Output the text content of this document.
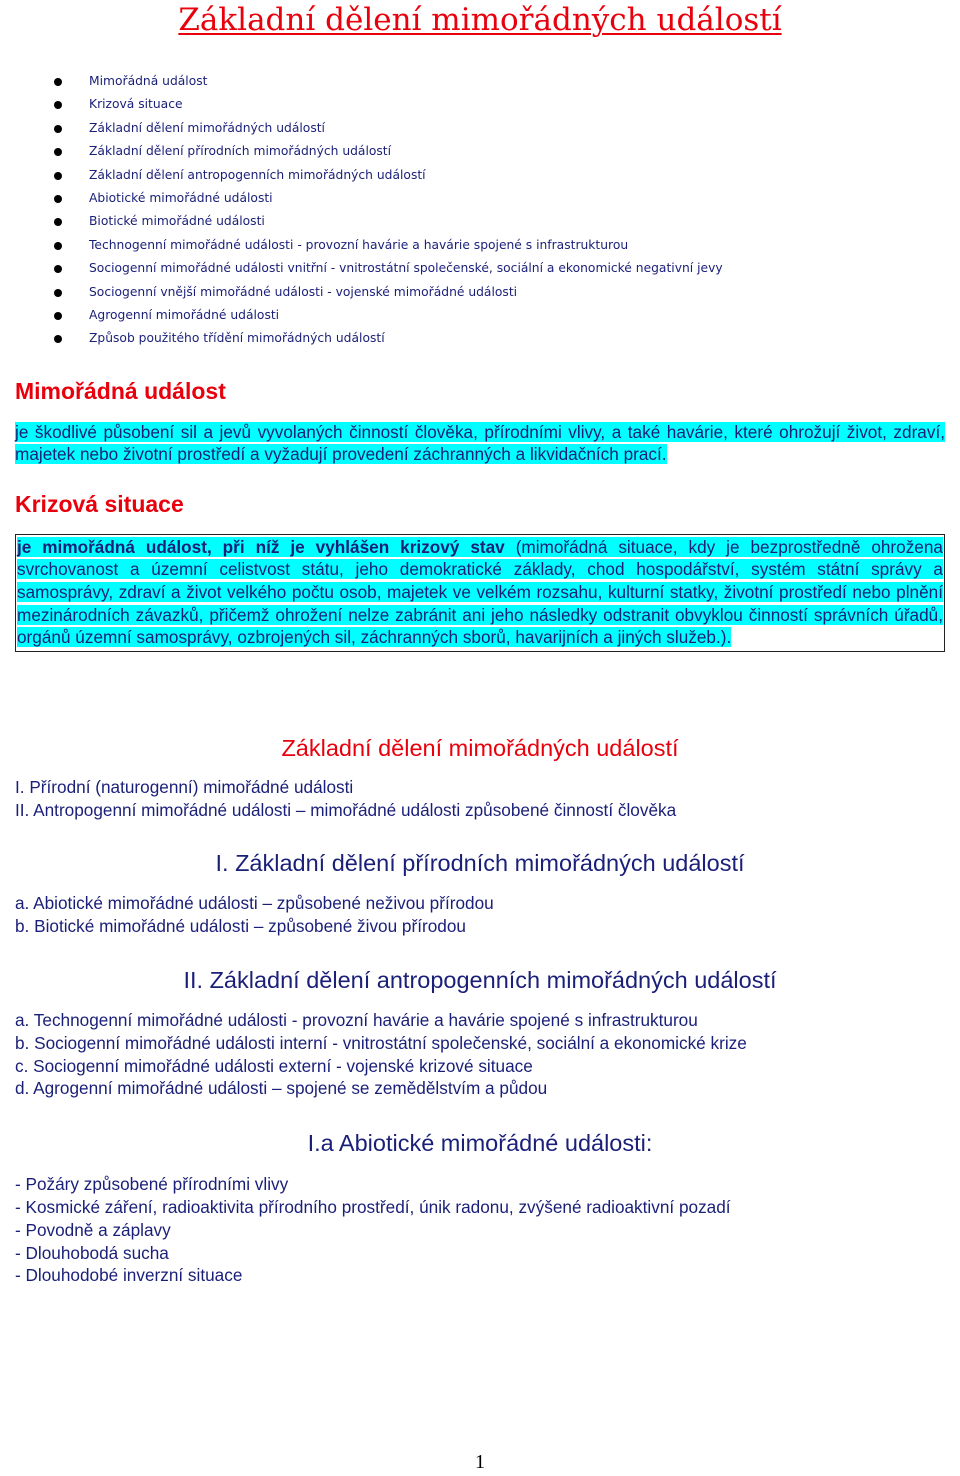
Základní dělení mimořádných událostí
Mimořádná událost
Krizová situace
Základní dělení mimořádných událostí
Základní dělení přírodních mimořádných událostí
Základní dělení antropogenních mimořádných událostí
Abiotické mimořádné události
Biotické mimořádné události
Technogenní mimořádné události - provozní havárie a havárie spojené s infrastrukturou
Sociogenní mimořádné události vnitřní - vnitrostátní společenské, sociální a ekonomické negativní jevy
Sociogenní vnější mimořádné události - vojenské mimořádné události
Agrogenní mimořádné události
Způsob použitého třídění mimořádných událostí
Mimořádná událost
je škodlivé působení sil a jevů vyvolaných činností člověka, přírodními vlivy, a také havárie, které ohrožují život, zdraví, majetek nebo životní prostředí a vyžadují provedení záchranných a likvidačních prací.
Krizová situace
je mimořádná událost, při níž je vyhlášen krizový stav (mimořádná situace, kdy je bezprostředně ohrožena svrchovanost a územní celistvost státu, jeho demokratické základy, chod hospodářství, systém státní správy a samosprávy, zdraví a život velkého počtu osob, majetek ve velkém rozsahu, kulturní statky, životní prostředí nebo plnění mezinárodních závazků, přičemž ohrožení nelze zabránit ani jeho následky odstranit obvyklou činností správních úřadů, orgánů územní samosprávy, ozbrojených sil, záchranných sborů, havarijních a jiných služeb.).
Základní dělení mimořádných událostí

I. Přírodní (naturogenní) mimořádné události

II. Antropogenní mimořádné události – mimořádné události způsobené činností člověka

I. Základní dělení přírodních mimořádných událostí

a. Abiotické mimořádné události – způsobené neživou přírodou

b. Biotické mimořádné události – způsobené živou přírodou

II. Základní dělení antropogenních mimořádných událostí

a. Technogenní mimořádné události - provozní havárie a havárie spojené s infrastrukturou

b. Sociogenní mimořádné události interní - vnitrostátní společenské, sociální a ekonomické krize

c. Sociogenní mimořádné události externí - vojenské krizové situace

d. Agrogenní mimořádné události – spojené se zemědělstvím a půdou

I.a Abiotické mimořádné události:

- Požáry způsobené přírodními vlivy

- Kosmické záření, radioaktivita přírodního prostředí, únik radonu, zvýšené radioaktivní pozadí

- Povodně a záplavy

- Dlouhobodá sucha

- Dlouhodobé inverzní situace

1
